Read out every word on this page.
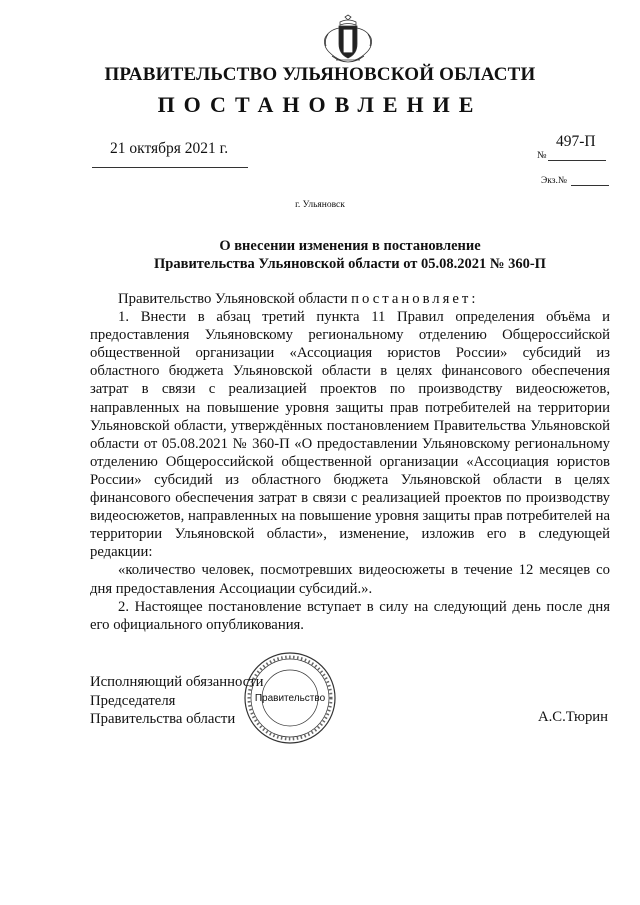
ПРАВИТЕЛЬСТВО УЛЬЯНОВСКОЙ ОБЛАСТИ
ПОСТАНОВЛЕНИЕ
21 октября 2021 г.	№
497-П
Экз.№
г. Ульяновск
О внесении изменения в постановление
Правительства Ульяновской области от 05.08.2021 № 360-П

Правительство Ульяновской области постановляет:

1. Внести в абзац третий пункта 11 Правил определения объёма и предоставления Ульяновскому региональному отделению Общероссийской общественной организации «Ассоциация юристов России» субсидий из областного бюджета Ульяновской области в целях финансового обеспечения затрат в связи с реализацией проектов по производству видеосюжетов, направленных на повышение уровня защиты прав потребителей на территории Ульяновской области, утверждённых постановлением Правительства Ульяновской области от 05.08.2021 № 360-П «О предоставлении Ульяновскому региональному отделению Общероссийской общественной организации «Ассоциация юристов России» субсидий из областного бюджета Ульяновской области в целях финансового обеспечения затрат в связи с реализацией проектов по производству видеосюжетов, направленных на повышение уровня защиты прав потребителей на территории Ульяновской области», изменение, изложив его в следующей редакции:

«количество человек, посмотревших видеосюжеты в течение 12 месяцев со дня предоставления Ассоциации субсидий.».

2. Настоящее постановление вступает в силу на следующий день после дня его официального опубликования.

Исполняющий обязанности
Председателя
Правительства области	А.С.Тюрин
Правительство
